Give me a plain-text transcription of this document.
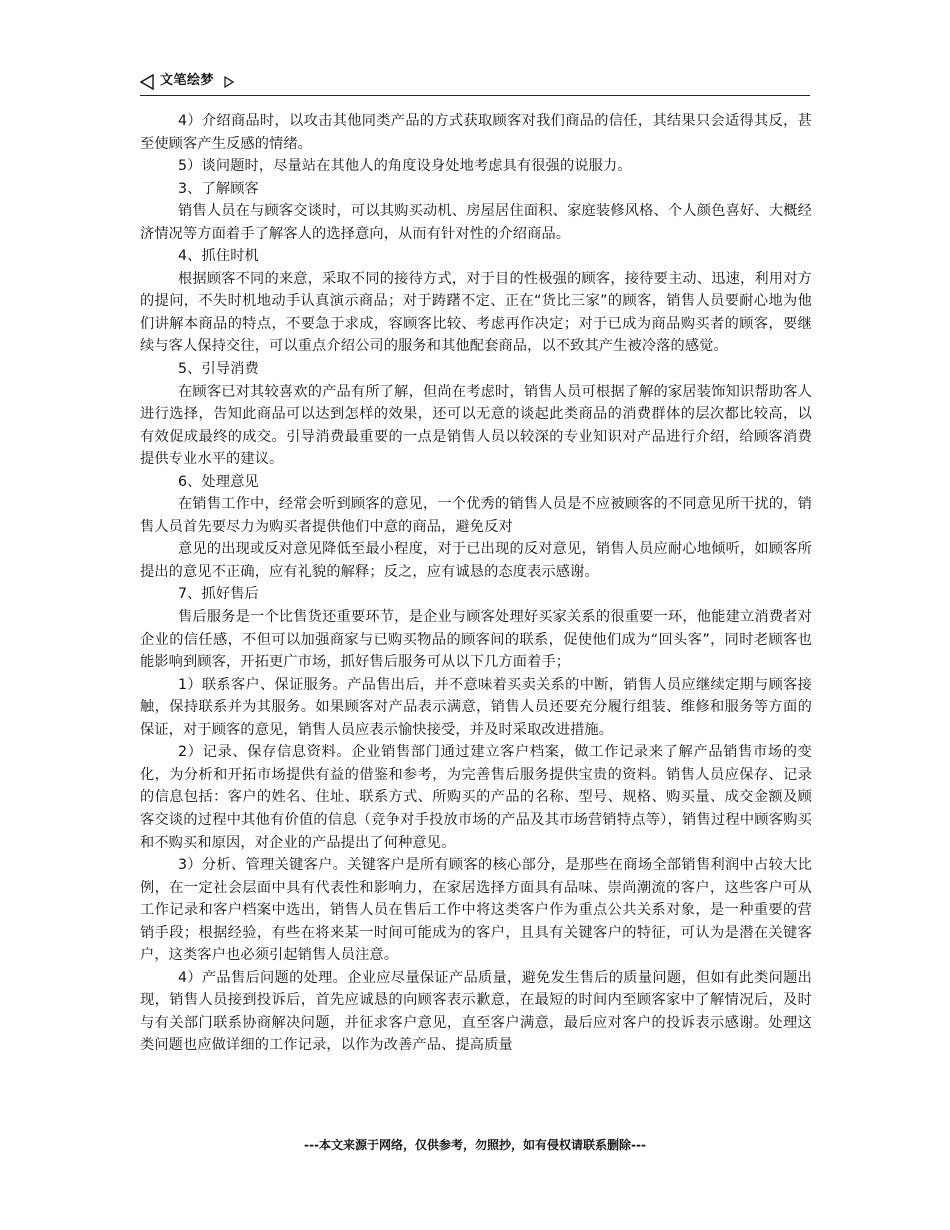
文笔绘梦

4）介绍商品时，以攻击其他同类产品的方式获取顾客对我们商品的信任，其结果只会适得其反，甚至使顾客产生反感的情绪。

5）谈问题时，尽量站在其他人的角度设身处地考虑具有很强的说服力。

3、了解顾客

销售人员在与顾客交谈时，可以其购买动机、房屋居住面积、家庭装修风格、个人颜色喜好、大概经济情况等方面着手了解客人的选择意向，从而有针对性的介绍商品。

4、抓住时机

根据顾客不同的来意，采取不同的接待方式，对于目的性极强的顾客，接待要主动、迅速，利用对方的提问，不失时机地动手认真演示商品；对于踌躇不定、正在“货比三家”的顾客，销售人员要耐心地为他们讲解本商品的特点，不要急于求成，容顾客比较、考虑再作决定；对于已成为商品购买者的顾客，要继续与客人保持交往，可以重点介绍公司的服务和其他配套商品，以不致其产生被冷落的感觉。

5、引导消费

在顾客已对其较喜欢的产品有所了解，但尚在考虑时，销售人员可根据了解的家居装饰知识帮助客人进行选择，告知此商品可以达到怎样的效果，还可以无意的谈起此类商品的消费群体的层次都比较高，以有效促成最终的成交。引导消费最重要的一点是销售人员以较深的专业知识对产品进行介绍，给顾客消费提供专业水平的建议。

6、处理意见

在销售工作中，经常会听到顾客的意见，一个优秀的销售人员是不应被顾客的不同意见所干扰的，销售人员首先要尽力为购买者提供他们中意的商品，避免反对

意见的出现或反对意见降低至最小程度，对于已出现的反对意见，销售人员应耐心地倾听，如顾客所提出的意见不正确，应有礼貌的解释；反之，应有诚恳的态度表示感谢。

7、抓好售后

售后服务是一个比售货还重要环节，是企业与顾客处理好买家关系的很重要一环，他能建立消费者对企业的信任感，不但可以加强商家与已购买物品的顾客间的联系，促使他们成为“回头客”，同时老顾客也能影响到顾客，开拓更广市场，抓好售后服务可从以下几方面着手；

1）联系客户、保证服务。产品售出后，并不意味着买卖关系的中断，销售人员应继续定期与顾客接触，保持联系并为其服务。如果顾客对产品表示满意，销售人员还要充分履行组装、维修和服务等方面的保证，对于顾客的意见，销售人员应表示愉快接受，并及时采取改进措施。

2）记录、保存信息资料。企业销售部门通过建立客户档案，做工作记录来了解产品销售市场的变化，为分析和开拓市场提供有益的借鉴和参考，为完善售后服务提供宝贵的资料。销售人员应保存、记录的信息包括：客户的姓名、住址、联系方式、所购买的产品的名称、型号、规格、购买量、成交金额及顾客交谈的过程中其他有价值的信息（竞争对手投放市场的产品及其市场营销特点等），销售过程中顾客购买和不购买和原因，对企业的产品提出了何种意见。

3）分析、管理关键客户。关键客户是所有顾客的核心部分，是那些在商场全部销售利润中占较大比例，在一定社会层面中具有代表性和影响力，在家居选择方面具有品味、崇尚潮流的客户，这些客户可从工作记录和客户档案中选出，销售人员在售后工作中将这类客户作为重点公共关系对象，是一种重要的营销手段；根据经验，有些在将来某一时间可能成为的客户，且具有关键客户的特征，可认为是潜在关键客户，这类客户也必须引起销售人员注意。

4）产品售后问题的处理。企业应尽量保证产品质量，避免发生售后的质量问题，但如有此类问题出现，销售人员接到投诉后，首先应诚恳的向顾客表示歉意，在最短的时间内至顾客家中了解情况后，及时与有关部门联系协商解决问题，并征求客户意见，直至客户满意，最后应对客户的投诉表示感谢。处理这类问题也应做详细的工作记录，以作为改善产品、提高质量

---本文来源于网络，仅供参考，勿照抄，如有侵权请联系删除---
